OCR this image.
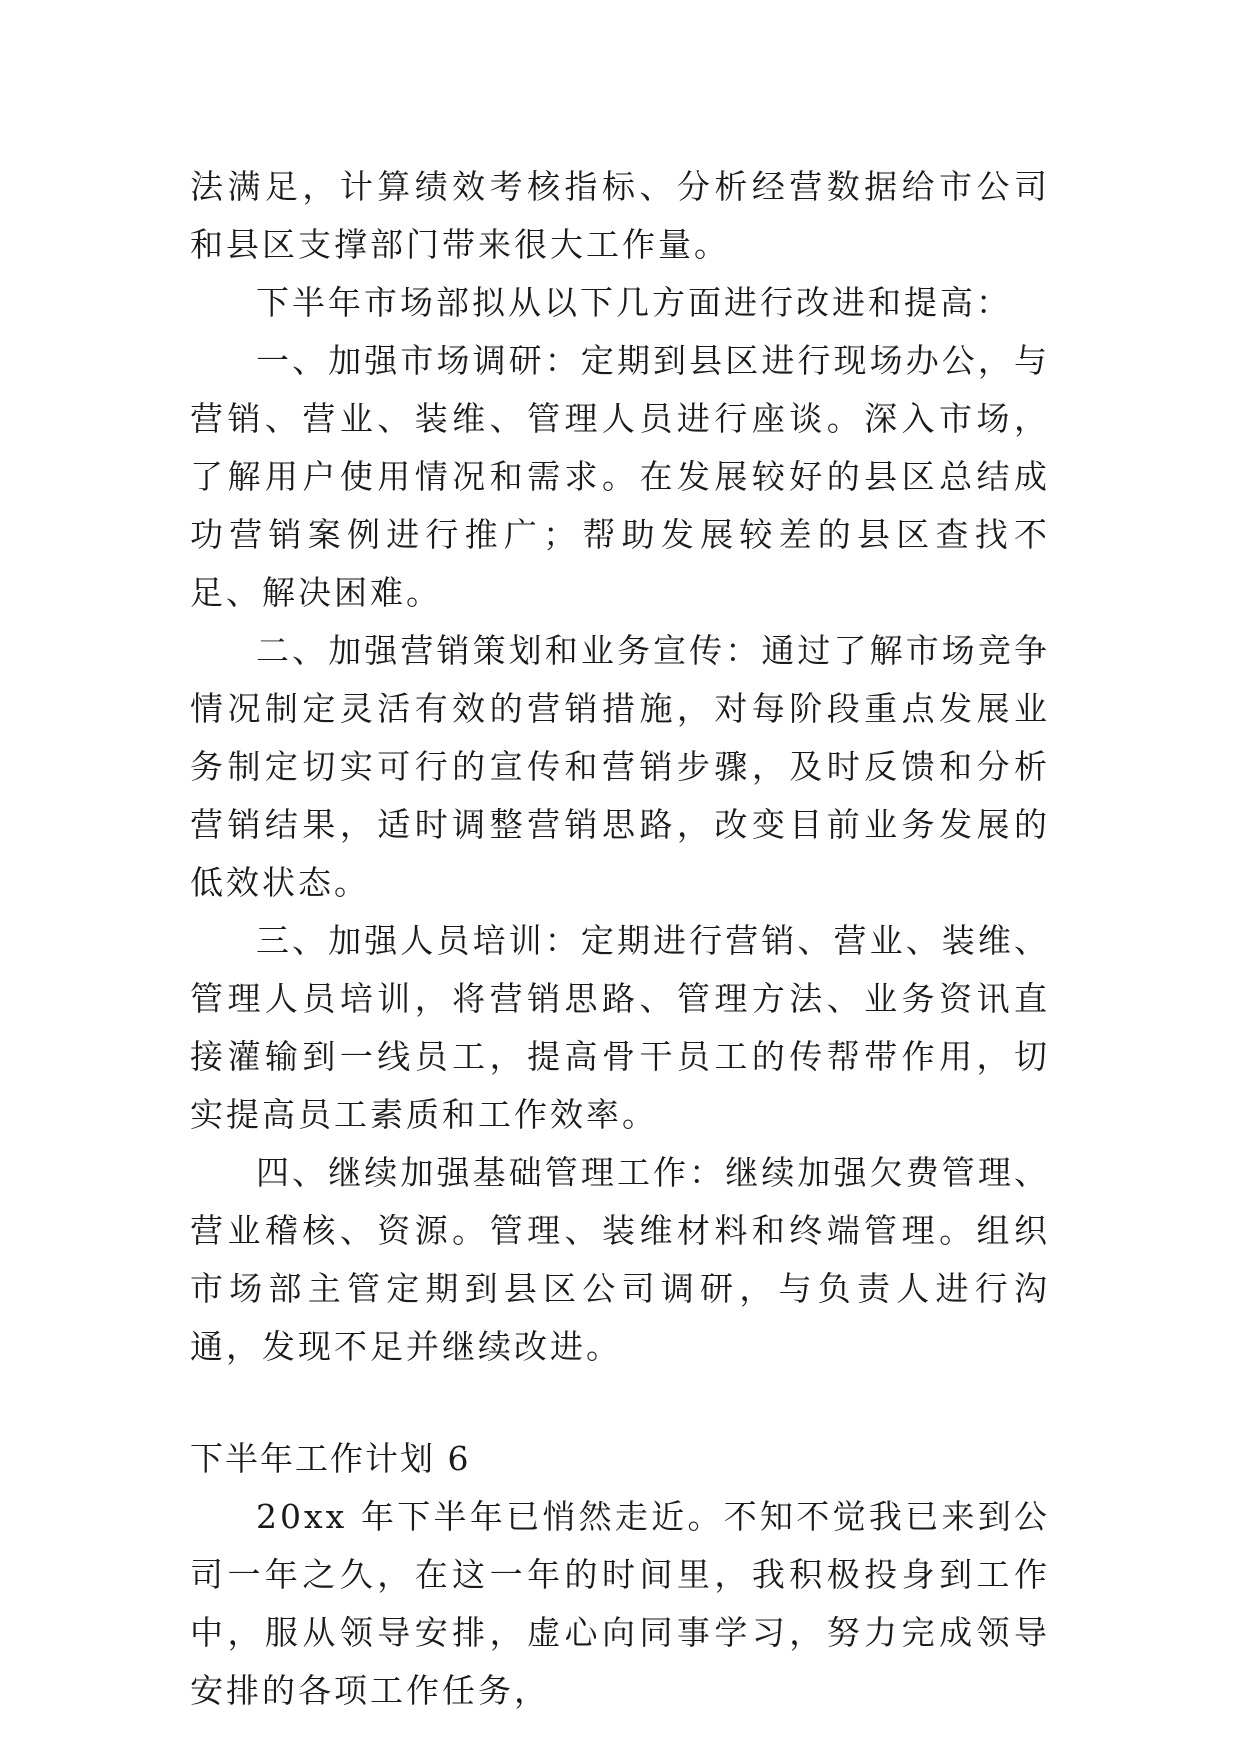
法满足，计算绩效考核指标、分析经营数据给市公司和县区支撑部门带来很大工作量。

下半年市场部拟从以下几方面进行改进和提高：

一、加强市场调研：定期到县区进行现场办公，与营销、营业、装维、管理人员进行座谈。深入市场，了解用户使用情况和需求。在发展较好的县区总结成功营销案例进行推广；帮助发展较差的县区查找不足、解决困难。

二、加强营销策划和业务宣传：通过了解市场竞争情况制定灵活有效的营销措施，对每阶段重点发展业务制定切实可行的宣传和营销步骤，及时反馈和分析营销结果，适时调整营销思路，改变目前业务发展的低效状态。

三、加强人员培训：定期进行营销、营业、装维、管理人员培训，将营销思路、管理方法、业务资讯直接灌输到一线员工，提高骨干员工的传帮带作用，切实提高员工素质和工作效率。

四、继续加强基础管理工作：继续加强欠费管理、营业稽核、资源。管理、装维材料和终端管理。组织市场部主管定期到县区公司调研，与负责人进行沟通，发现不足并继续改进。

下半年工作计划 6

20xx 年下半年已悄然走近。不知不觉我已来到公司一年之久，在这一年的时间里，我积极投身到工作中，服从领导安排，虚心向同事学习，努力完成领导安排的各项工作任务，
